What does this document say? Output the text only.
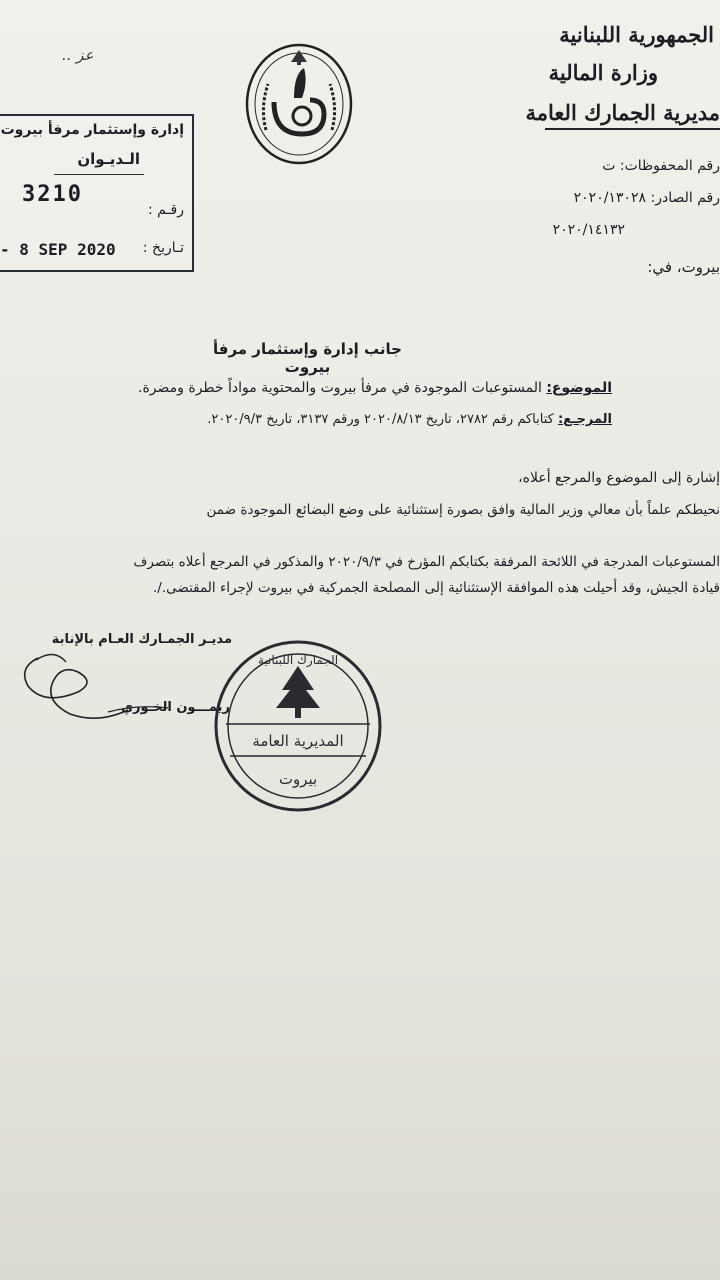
الجمهورية اللبنانية
وزارة المالية
مديرية الجمارك العامة
رقم المحفوظات: ت
رقم الصادر: ٢٠٢٠/١٣٠٢٨
٢٠٢٠/١٤١٣٢
بيروت، في:
عز ..
إدارة وإستثمار مرفأ بيروت
الـديـوان
رقـم :
3210
تـاريخ :
- 8 SEP 2020
جانب إدارة وإستثمار مرفأ بيروت
الموضوع: المستوعبات الموجودة في مرفأ بيروت والمحتوية مواداً خطرة ومضرة.
المرجـع: كتاباكم رقم ٢٧٨٢، تاريخ ٢٠٢٠/٨/١٣ ورقم ٣١٣٧، تاريخ ٢٠٢٠/٩/٣.
إشارة إلى الموضوع والمرجع أعلاه،
نحيطكم علماً بأن معالي وزير المالية وافق بصورة إستثنائية على وضع البضائع الموجودة ضمن
المستوعبات المدرجة في اللائحة المرفقة بكتابكم المؤرخ في ٢٠٢٠/٩/٣ والمذكور في المرجع أعلاه بتصرف
قيادة الجيش، وقد أحيلت هذه الموافقة الإستثنائية إلى المصلحة الجمركية في بيروت لإجراء المقتضى./.
مديـر الجمـارك العـام بالإنابة
ريمـــون الخـوري
الجمارك اللبنانية
المديرية العامة
بيروت
